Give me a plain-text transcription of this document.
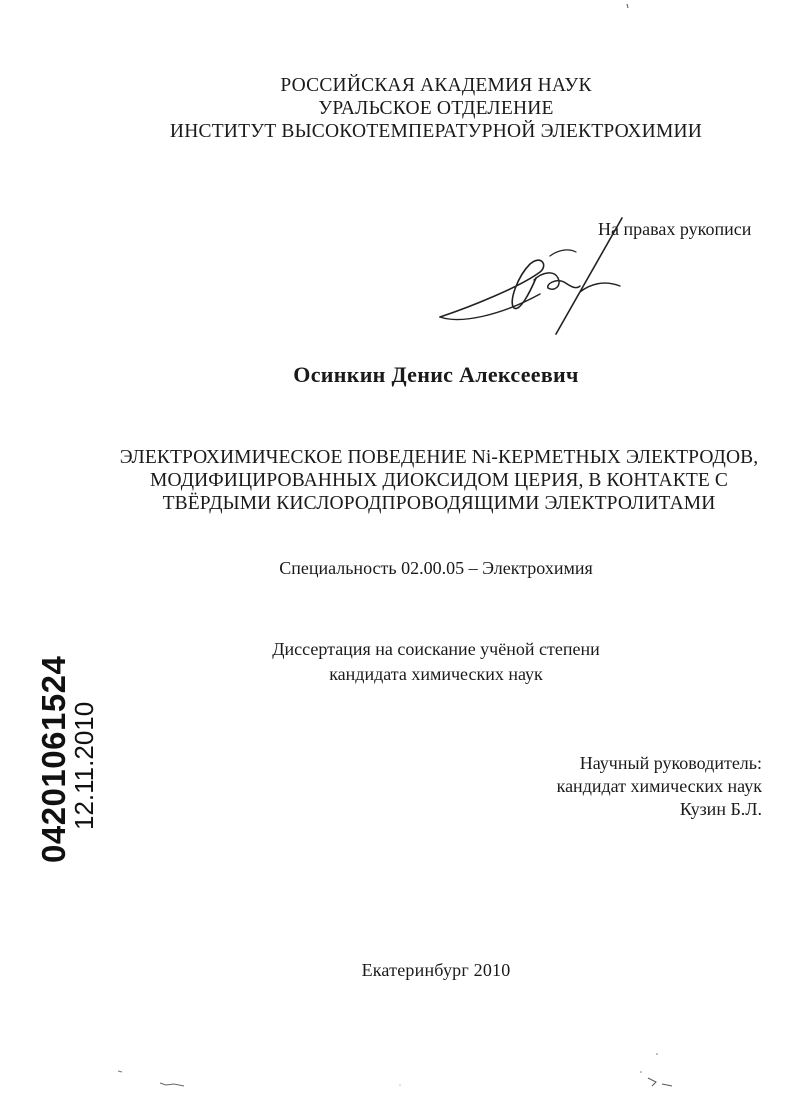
РОССИЙСКАЯ АКАДЕМИЯ НАУК
УРАЛЬСКОЕ ОТДЕЛЕНИЕ
ИНСТИТУТ ВЫСОКОТЕМПЕРАТУРНОЙ ЭЛЕКТРОХИМИИ
На правах рукописи
Осинкин Денис Алексеевич
ЭЛЕКТРОХИМИЧЕСКОЕ ПОВЕДЕНИЕ Ni-КЕРМЕТНЫХ ЭЛЕКТРОДОВ,
МОДИФИЦИРОВАННЫХ ДИОКСИДОМ ЦЕРИЯ, В КОНТАКТЕ С
ТВЁРДЫМИ КИСЛОРОДПРОВОДЯЩИМИ ЭЛЕКТРОЛИТАМИ
Специальность 02.00.05 – Электрохимия
Диссертация на соискание учёной степени
кандидата химических наук
Научный руководитель:
кандидат химических наук
Кузин Б.Л.
04201061524
12.11.2010
Екатеринбург 2010
